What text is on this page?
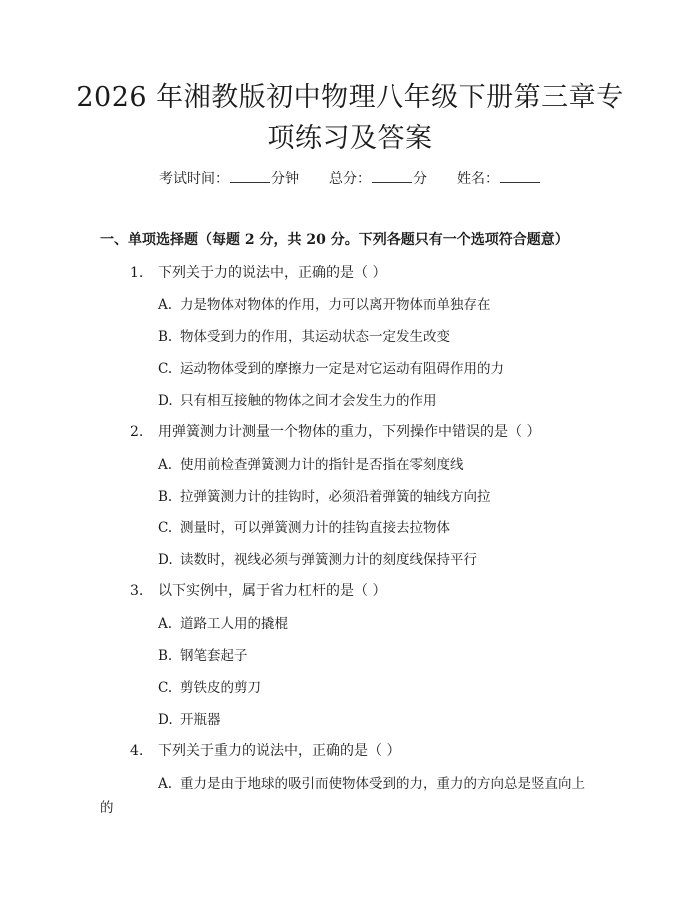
2026 年湘教版初中物理八年级下册第三章专
项练习及答案
考试时间：	分钟 总分：	分 姓名：
一、单项选择题（每题 2 分，共 20 分。下列各题只有一个选项符合题意）
1. 下列关于力的说法中，正确的是（ ）
A. 力是物体对物体的作用，力可以离开物体而单独存在
B. 物体受到力的作用，其运动状态一定发生改变
C. 运动物体受到的摩擦力一定是对它运动有阻碍作用的力
D. 只有相互接触的物体之间才会发生力的作用
2. 用弹簧测力计测量一个物体的重力，下列操作中错误的是（ ）
A. 使用前检查弹簧测力计的指针是否指在零刻度线
B. 拉弹簧测力计的挂钩时，必须沿着弹簧的轴线方向拉
C. 测量时，可以弹簧测力计的挂钩直接去拉物体
D. 读数时，视线必须与弹簧测力计的刻度线保持平行
3. 以下实例中，属于省力杠杆的是（ ）
A. 道路工人用的撬棍
B. 钢笔套起子
C. 剪铁皮的剪刀
D. 开瓶器
4. 下列关于重力的说法中，正确的是（ ）
A. 重力是由于地球的吸引而使物体受到的力，重力的方向总是竖直向上
的
